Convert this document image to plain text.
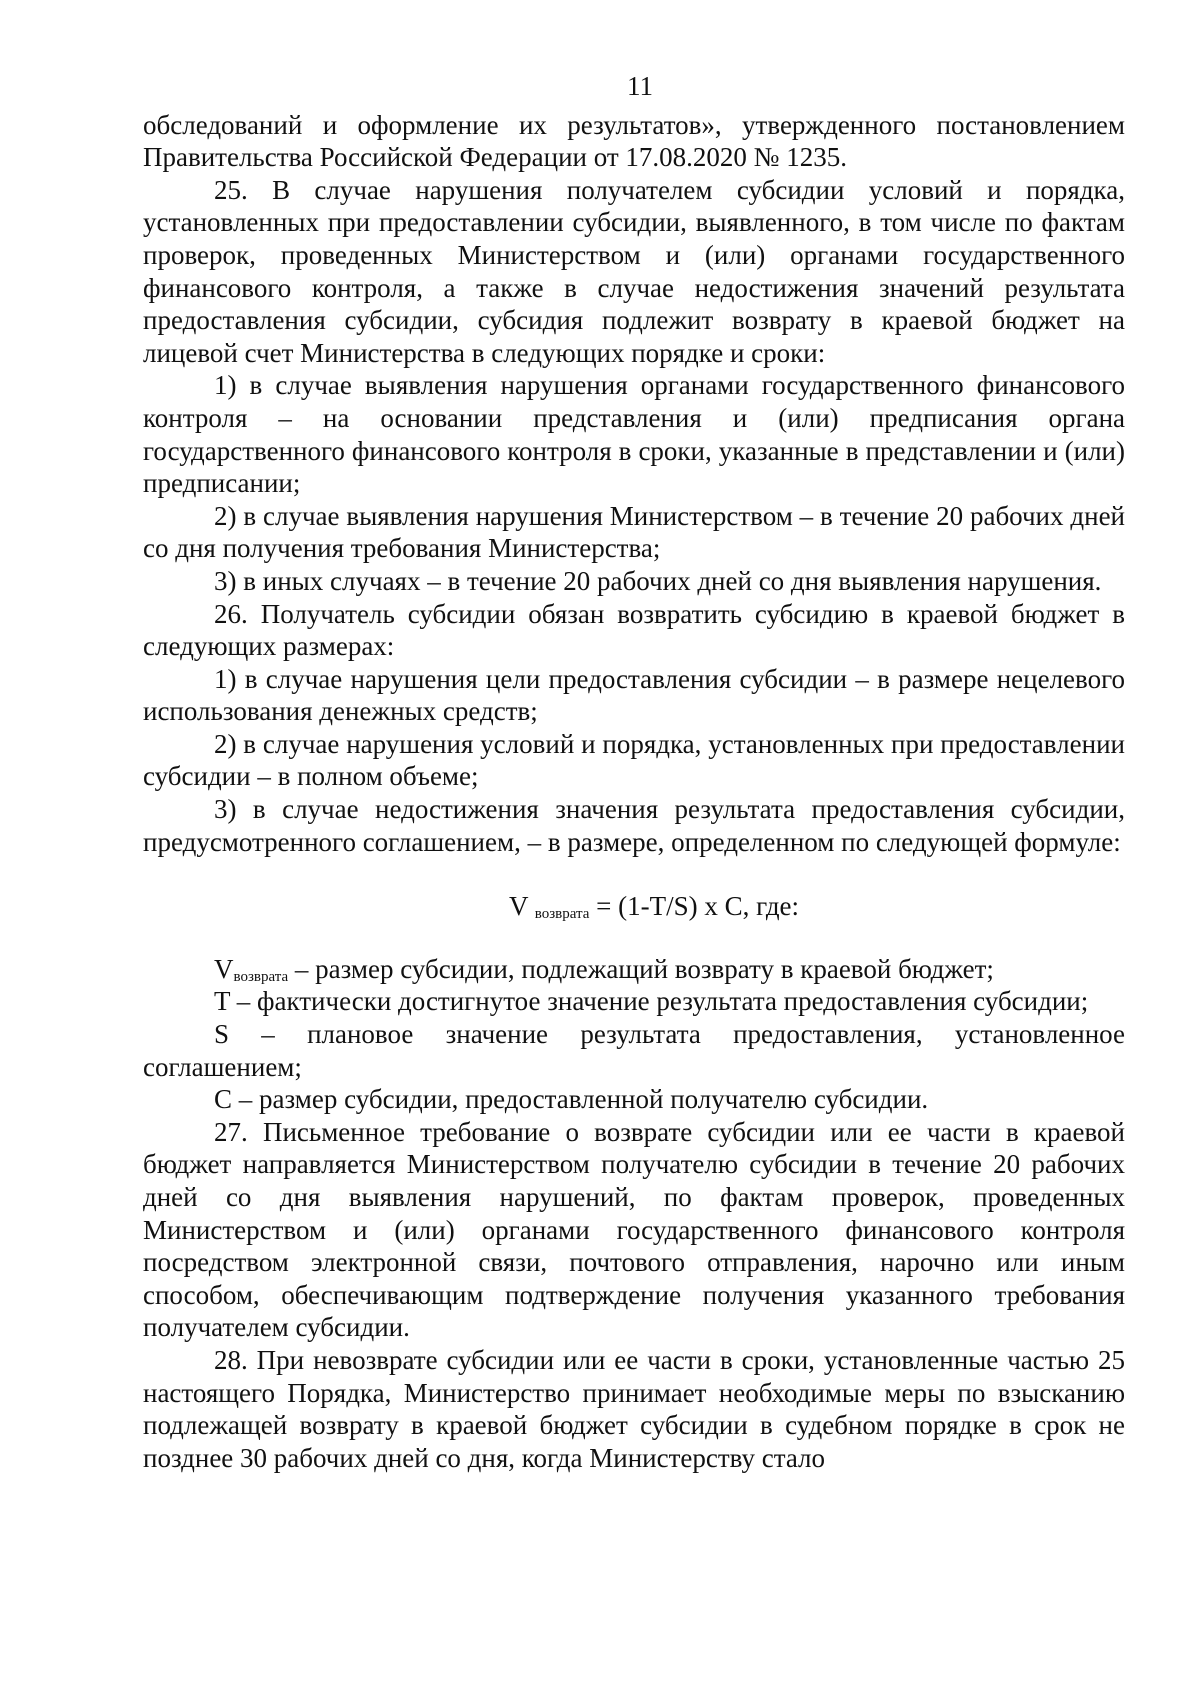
11

обследований и оформление их результатов», утвержденного постановлением Правительства Российской Федерации от 17.08.2020 № 1235.

25. В случае нарушения получателем субсидии условий и порядка, установленных при предоставлении субсидии, выявленного, в том числе по фактам проверок, проведенных Министерством и (или) органами государственного финансового контроля, а также в случае недостижения значений результата предоставления субсидии, субсидия подлежит возврату в краевой бюджет на лицевой счет Министерства в следующих порядке и сроки:

1) в случае выявления нарушения органами государственного финансового контроля – на основании представления и (или) предписания органа государственного финансового контроля в сроки, указанные в представлении и (или) предписании;

2) в случае выявления нарушения Министерством – в течение 20 рабочих дней со дня получения требования Министерства;

3) в иных случаях – в течение 20 рабочих дней со дня выявления нарушения.

26. Получатель субсидии обязан возвратить субсидию в краевой бюджет в следующих размерах:

1) в случае нарушения цели предоставления субсидии – в размере нецелевого использования денежных средств;

2) в случае нарушения условий и порядка, установленных при предоставлении субсидии – в полном объеме;

3) в случае недостижения значения результата предоставления субсидии, предусмотренного соглашением, – в размере, определенном по следующей формуле:

V $_{возврата}$ = (1-T/S) x C, где:

$V_{возврата}$ – размер субсидии, подлежащий возврату в краевой бюджет;

T – фактически достигнутое значение результата предоставления субсидии;

S – плановое значение результата предоставления, установленное соглашением;

C – размер субсидии, предоставленной получателю субсидии.

27. Письменное требование о возврате субсидии или ее части в краевой бюджет направляется Министерством получателю субсидии в течение 20 рабочих дней со дня выявления нарушений, по фактам проверок, проведенных Министерством и (или) органами государственного финансового контроля посредством электронной связи, почтового отправления, нарочно или иным способом, обеспечивающим подтверждение получения указанного требования получателем субсидии.

28. При невозврате субсидии или ее части в сроки, установленные частью 25 настоящего Порядка, Министерство принимает необходимые меры по взысканию подлежащей возврату в краевой бюджет субсидии в судебном порядке в срок не позднее 30 рабочих дней со дня, когда Министерству стало
